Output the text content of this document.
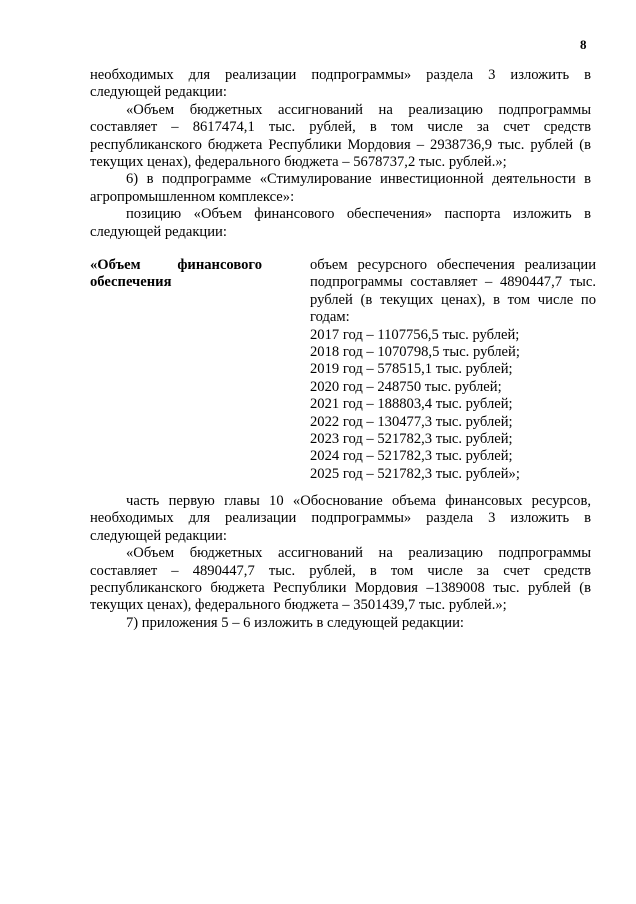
8
необходимых для реализации подпрограммы» раздела 3 изложить в
следующей редакции:
«Объем бюджетных ассигнований на реализацию подпрограммы
составляет – 8617474,1 тыс. рублей, в том числе за счет средств
республиканского бюджета Республики Мордовия – 2938736,9 тыс. рублей (в
текущих ценах), федерального бюджета – 5678737,2 тыс. рублей.»;
6) в подпрограмме «Стимулирование инвестиционной деятельности в
агропромышленном комплексе»:
позицию «Объем финансового обеспечения» паспорта изложить в
следующей редакции:
«Объем	финансового
обеспечения
объем ресурсного обеспечения реализации
подпрограммы составляет – 4890447,7 тыс.
рублей (в текущих ценах), в том числе по
годам:
2017 год – 1107756,5 тыс. рублей;
2018 год – 1070798,5 тыс. рублей;
2019 год – 578515,1 тыс. рублей;
2020 год – 248750 тыс. рублей;
2021 год – 188803,4 тыс. рублей;
2022 год – 130477,3 тыс. рублей;
2023 год – 521782,3 тыс. рублей;
2024 год – 521782,3 тыс. рублей;
2025 год – 521782,3 тыс. рублей»;
часть первую главы 10 «Обоснование объема финансовых ресурсов,
необходимых для реализации подпрограммы» раздела 3 изложить в
следующей редакции:
«Объем бюджетных ассигнований на реализацию подпрограммы
составляет – 4890447,7 тыс. рублей, в том числе за счет средств
республиканского бюджета Республики Мордовия –1389008 тыс. рублей (в
текущих ценах), федерального бюджета – 3501439,7 тыс. рублей.»;
7) приложения 5 – 6 изложить в следующей редакции:
